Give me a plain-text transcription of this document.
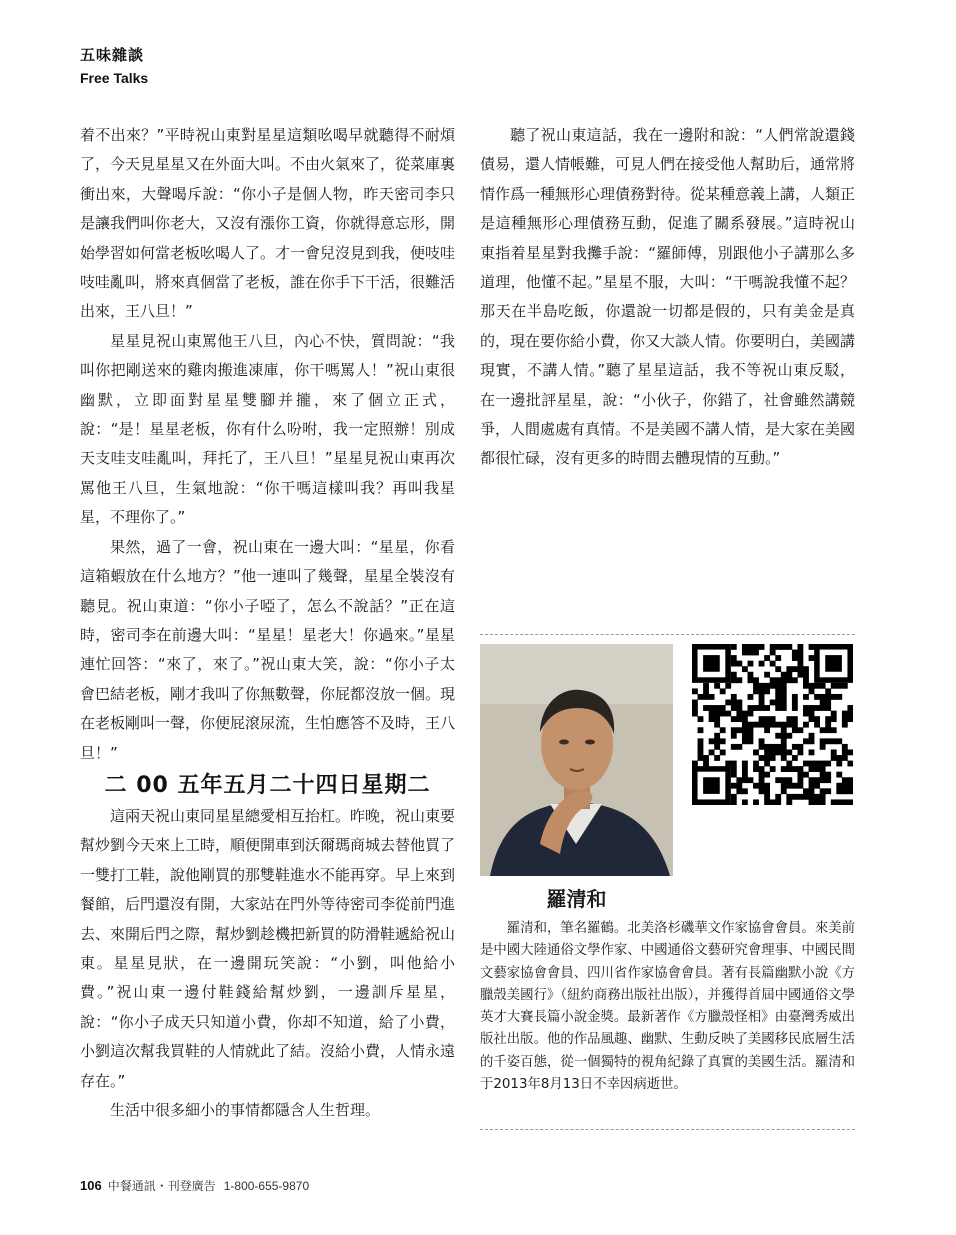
五味雜談
Free Talks

着不出來？”平時祝山東對星星這類吆喝早就聽得不耐煩了，今天見星星又在外面大叫。不由火氣來了，從菜庫裏衝出來，大聲喝斥說：“你小子是個人物，昨天密司李只是讓我們叫你老大，又沒有漲你工資，你就得意忘形，開始學習如何當老板吆喝人了。才一會兒沒見到我，便吱哇吱哇亂叫，將來真個當了老板，誰在你手下干活，很難活出來，王八旦！”

星星見祝山東罵他王八旦，內心不快，質問說：“我叫你把剛送來的雞肉搬進凍庫，你干嗎罵人！”祝山東很幽默，立即面對星星雙腳并攏，來了個立正式，說：“是！星星老板，你有什么吩咐，我一定照辦！別成天支哇支哇亂叫，拜托了，王八旦！”星星見祝山東再次罵他王八旦，生氣地說：“你干嗎這樣叫我？再叫我星星，不理你了。”

果然，過了一會，祝山東在一邊大叫：“星星，你看這箱蝦放在什么地方？”他一連叫了幾聲，星星全裝沒有聽見。祝山東道：“你小子啞了，怎么不說話？”正在這時，密司李在前邊大叫：“星星！星老大！你過來。”星星連忙回答：“來了，來了。”祝山東大笑，說：“你小子太會巴結老板，剛才我叫了你無數聲，你屁都沒放一個。現在老板剛叫一聲，你便屁滾尿流，生怕應答不及時，王八旦！”

二 00 五年五月二十四日星期二

這兩天祝山東同星星總愛相互抬杠。昨晚，祝山東要幫炒劉今天來上工時，順便開車到沃爾瑪商城去替他買了一雙打工鞋，說他剛買的那雙鞋進水不能再穿。早上來到餐館，后門還沒有開，大家站在門外等待密司李從前門進去、來開后門之際，幫炒劉趁機把新買的防滑鞋遞給祝山東。星星見狀，在一邊開玩笑說：“小劉，叫他給小費。”祝山東一邊付鞋錢給幫炒劉，一邊訓斥星星，說：“你小子成天只知道小費，你却不知道，給了小費，小劉這次幫我買鞋的人情就此了結。沒給小費，人情永遠存在。”

生活中很多細小的事情都隱含人生哲理。

聽了祝山東這話，我在一邊附和說：“人們常說還錢債易，還人情帳難，可見人們在接受他人幫助后，通常將情作爲一種無形心理債務對待。從某種意義上講，人類正是這種無形心理債務互動，促進了關系發展。”這時祝山東指着星星對我攤手說：“羅師傅，別跟他小子講那么多道理，他懂不起。”星星不服，大叫：“干嗎說我懂不起？那天在半島吃飯，你還說一切都是假的，只有美金是真的，現在要你給小費，你又大談人情。你要明白，美國講現實，不講人情。”聽了星星這話，我不等祝山東反駁，在一邊批評星星，說：“小伙子，你錯了，社會雖然講競爭，人間處處有真情。不是美國不講人情，是大家在美國都很忙碌，沒有更多的時間去體現情的互動。”

羅清和

羅清和，筆名羅鶴。北美洛杉磯華文作家協會會員。來美前是中國大陸通俗文學作家、中國通俗文藝研究會理事、中國民間文藝家協會會員、四川省作家協會會員。著有長篇幽默小說《方臘殼美國行》（紐約商務出版社出版），并獲得首屆中國通俗文學英才大賽長篇小說金獎。最新著作《方臘殼怪相》由臺灣秀威出版社出版。他的作品風趣、幽默、生動反映了美國移民底層生活的千姿百態，從一個獨特的視角紀錄了真實的美國生活。羅清和于2013年8月13日不幸因病逝世。

106 中餐通訊・刊登廣告 1-800-655-9870
